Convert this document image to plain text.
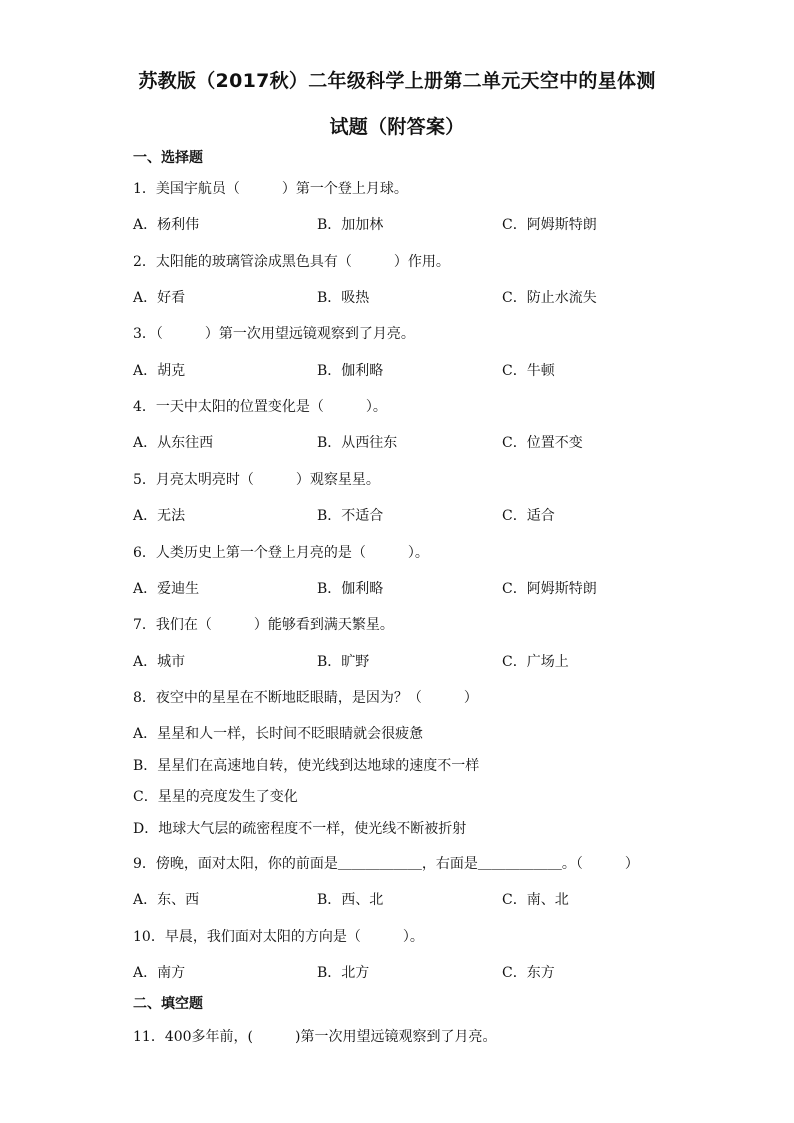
苏教版（2017秋）二年级科学上册第二单元天空中的星体测
试题（附答案）
一、选择题
1．美国宇航员（　　　）第一个登上月球。
A．杨利伟	B．加加林	C．阿姆斯特朗
2．太阳能的玻璃管涂成黑色具有（　　　）作用。
A．好看	B．吸热	C．防止水流失
3．（　　　）第一次用望远镜观察到了月亮。
A．胡克	B．伽利略	C．牛顿
4．一天中太阳的位置变化是（　　　）。
A．从东往西	B．从西往东	C．位置不变
5．月亮太明亮时（　　　）观察星星。
A．无法	B．不适合	C．适合
6．人类历史上第一个登上月亮的是（　　　）。
A．爱迪生	B．伽利略	C．阿姆斯特朗
7．我们在（　　　）能够看到满天繁星。
A．城市	B．旷野	C．广场上
8．夜空中的星星在不断地眨眼睛，是因为？（　　　）
A．星星和人一样，长时间不眨眼睛就会很疲惫
B．星星们在高速地自转，使光线到达地球的速度不一样
C．星星的亮度发生了变化
D．地球大气层的疏密程度不一样，使光线不断被折射
9．傍晚，面对太阳，你的前面是＿＿＿＿＿＿，右面是＿＿＿＿＿＿。（　　　）
A．东、西	B．西、北	C．南、北
10．早晨，我们面对太阳的方向是（　　　）。
A．南方	B．北方	C．东方
二、填空题
11．400多年前，(　　　)第一次用望远镜观察到了月亮。
